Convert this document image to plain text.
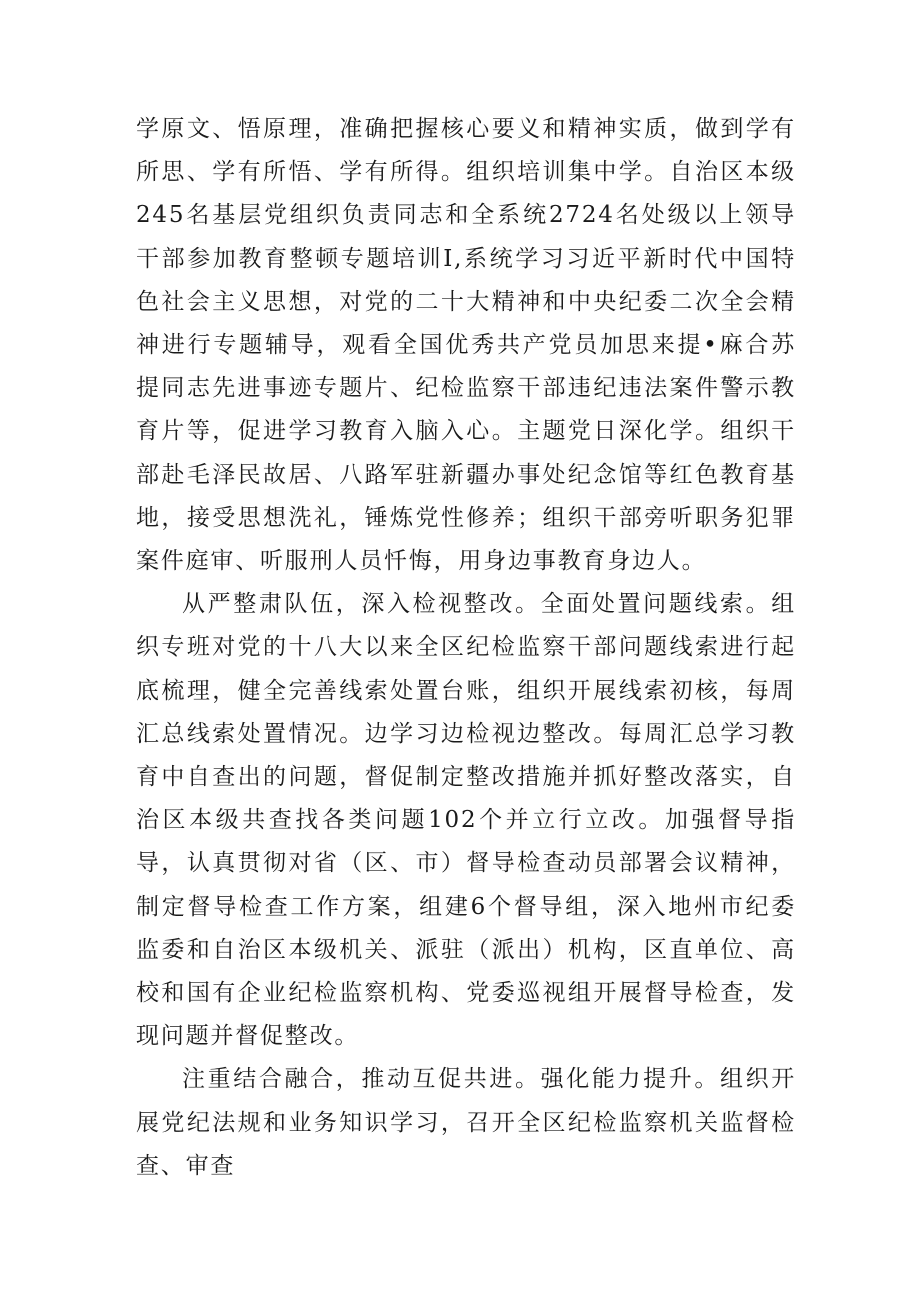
学原文、悟原理，准确把握核心要义和精神实质，做到学有所思、学有所悟、学有所得。组织培训集中学。自治区本级245名基层党组织负责同志和全系统2724名处级以上领导干部参加教育整顿专题培训I,系统学习习近平新时代中国特色社会主义思想，对党的二十大精神和中央纪委二次全会精神进行专题辅导，观看全国优秀共产党员加思来提•麻合苏提同志先进事迹专题片、纪检监察干部违纪违法案件警示教育片等，促进学习教育入脑入心。主题党日深化学。组织干部赴毛泽民故居、八路军驻新疆办事处纪念馆等红色教育基地，接受思想洗礼，锤炼党性修养；组织干部旁听职务犯罪案件庭审、听服刑人员忏悔，用身边事教育身边人。

从严整肃队伍，深入检视整改。全面处置问题线索。组织专班对党的十八大以来全区纪检监察干部问题线索进行起底梳理，健全完善线索处置台账，组织开展线索初核，每周汇总线索处置情况。边学习边检视边整改。每周汇总学习教育中自查出的问题，督促制定整改措施并抓好整改落实，自治区本级共查找各类问题102个并立行立改。加强督导指导，认真贯彻对省（区、市）督导检查动员部署会议精神，制定督导检查工作方案，组建6个督导组，深入地州市纪委监委和自治区本级机关、派驻（派出）机构，区直单位、高校和国有企业纪检监察机构、党委巡视组开展督导检查，发现问题并督促整改。

注重结合融合，推动互促共进。强化能力提升。组织开展党纪法规和业务知识学习，召开全区纪检监察机关监督检查、审查
